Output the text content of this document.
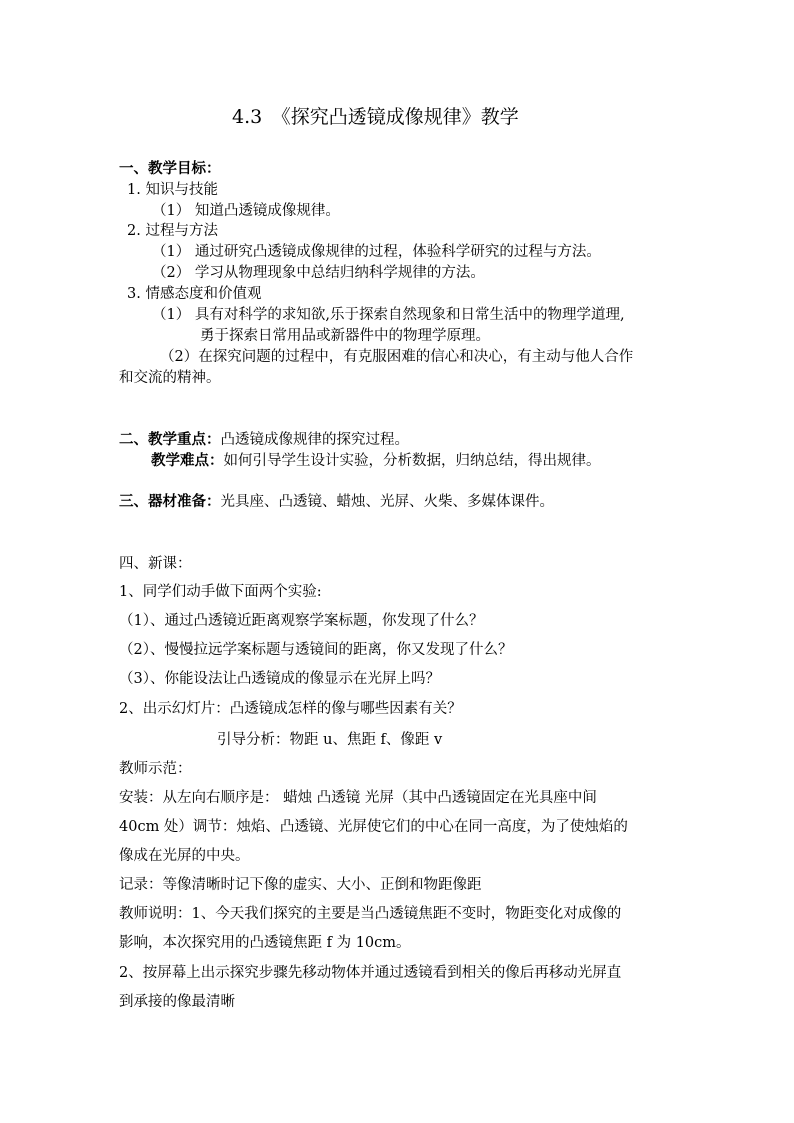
4.3　《探究凸透镜成像规律》教学
一、教学目标：
1. 知识与技能
（1） 知道凸透镜成像规律。
2. 过程与方法
（1） 通过研究凸透镜成像规律的过程，体验科学研究的过程与方法。
（2） 学习从物理现象中总结归纳科学规律的方法。
3. 情感态度和价值观
（1） 具有对科学的求知欲,乐于探索自然现象和日常生活中的物理学道理,
勇于探索日常用品或新器件中的物理学原理。
（2）在探究问题的过程中，有克服困难的信心和决心，有主动与他人合作
和交流的精神。
二、教学重点：凸透镜成像规律的探究过程。
教学难点：如何引导学生设计实验，分析数据，归纳总结，得出规律。
三、器材准备：光具座、凸透镜、蜡烛、光屏、火柴、多媒体课件。
四、新课：
1、同学们动手做下面两个实验:
（1）、通过凸透镜近距离观察学案标题，你发现了什么？
（2）、慢慢拉远学案标题与透镜间的距离，你又发现了什么？
（3）、你能设法让凸透镜成的像显示在光屏上吗？
2、出示幻灯片：凸透镜成怎样的像与哪些因素有关？
引导分析：物距 u、焦距 f、像距 v
教师示范：
安装：从左向右顺序是： 蜡烛 凸透镜 光屏（其中凸透镜固定在光具座中间
40cm 处）调节：烛焰、凸透镜、光屏使它们的中心在同一高度，为了使烛焰的
像成在光屏的中央。
记录：等像清晰时记下像的虚实、大小、正倒和物距像距
教师说明：1、今天我们探究的主要是当凸透镜焦距不变时，物距变化对成像的
影响，本次探究用的凸透镜焦距 f 为 10cm。
2、按屏幕上出示探究步骤先移动物体并通过透镜看到相关的像后再移动光屏直
到承接的像最清晰
